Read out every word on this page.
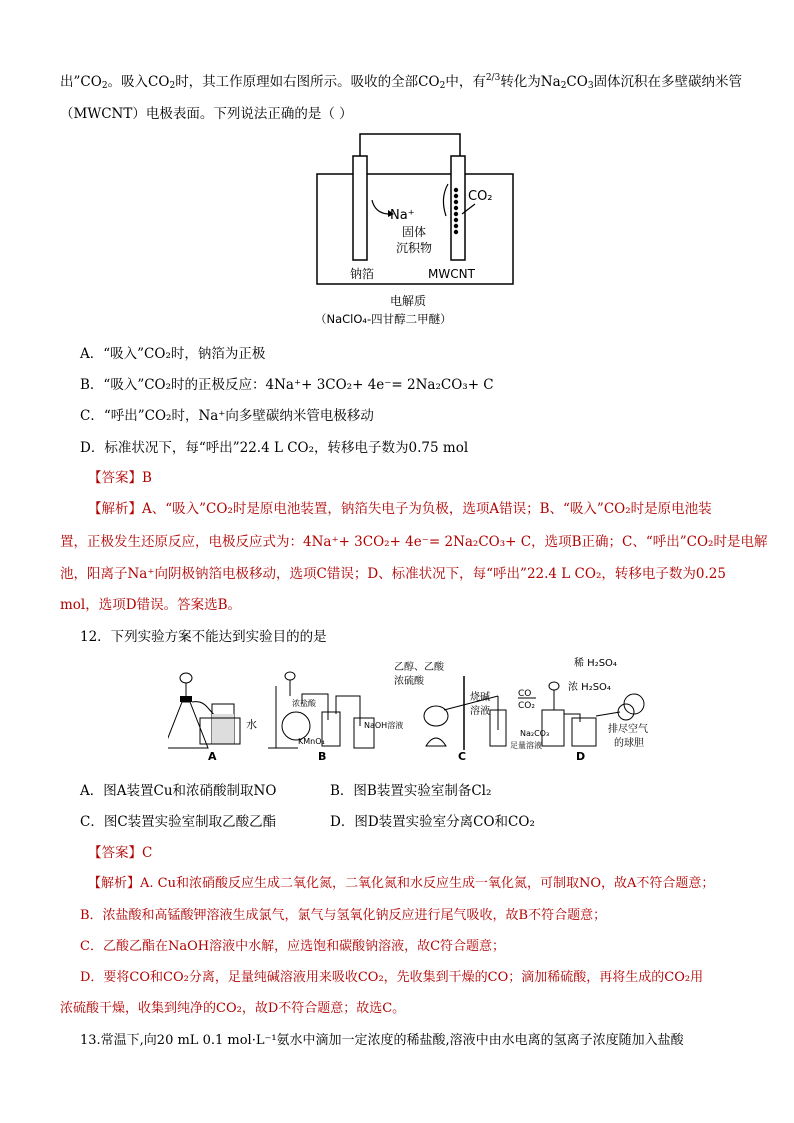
出$”CO_2$。吸入$CO_2$时，其工作原理如右图所示。吸收的全部$CO_2$中，有$^{2/3}$转化为$Na_2CO_3$固体沉积在多壁碳纳米管
（MWCNT）电极表面。下列说法正确的是（ ）
Na⁺
CO₂
固体
沉积物
钠箔	MWCNT
电解质
（NaClO₄-四甘醇二甲醚）
A．“吸入”CO₂时，钠箔为正极
B．“吸入”CO₂时的正极反应：4Na⁺+ 3CO₂+ 4e⁻= 2Na₂CO₃+ C
C．“呼出”CO₂时，Na⁺向多壁碳纳米管电极移动
D．标准状况下，每“呼出”22.4 L CO₂，转移电子数为0.75 mol
【答案】B
【解析】A、“吸入”CO₂时是原电池装置，钠箔失电子为负极，选项A错误；B、“吸入”CO₂时是原电池装
置，正极发生还原反应，电极反应式为：4Na⁺+ 3CO₂+ 4e⁻= 2Na₂CO₃+ C，选项B正确；C、“呼出”CO₂时是电解
池，阳离子Na⁺向阴极钠箔电极移动，选项C错误；D、标准状况下，每“呼出”22.4 L CO₂，转移电子数为0.25
mol，选项D错误。答案选B。
12．下列实验方案不能达到实验目的的是
水
A
浓盐酸
KMnO₄
NaOH溶液
B
乙醇、乙酸
浓硫酸
烧碱
溶液
C
CO
CO₂
Na₂CO₃
足量溶液
稀 H₂SO₄
浓 H₂SO₄
排尽空气
的球胆
D
A．图A装置Cu和浓硝酸制取NO	B．图B装置实验室制备Cl₂
C．图C装置实验室制取乙酸乙酯	D．图D装置实验室分离CO和CO₂
【答案】C
【解析】A. Cu和浓硝酸反应生成二氧化氮，二氧化氮和水反应生成一氧化氮，可制取NO，故A不符合题意；
B．浓盐酸和高锰酸钾溶液生成氯气，氯气与氢氧化钠反应进行尾气吸收，故B不符合题意；
C．乙酸乙酯在NaOH溶液中水解，应选饱和碳酸钠溶液，故C符合题意；
D．要将CO和CO₂分离，足量纯碱溶液用来吸收CO₂，先收集到干燥的CO；滴加稀硫酸，再将生成的CO₂用
浓硫酸干燥，收集到纯净的CO₂，故D不符合题意；故选C。
13.常温下,向20 mL 0.1 mol·L⁻¹氨水中滴加一定浓度的稀盐酸,溶液中由水电离的氢离子浓度随加入盐酸
